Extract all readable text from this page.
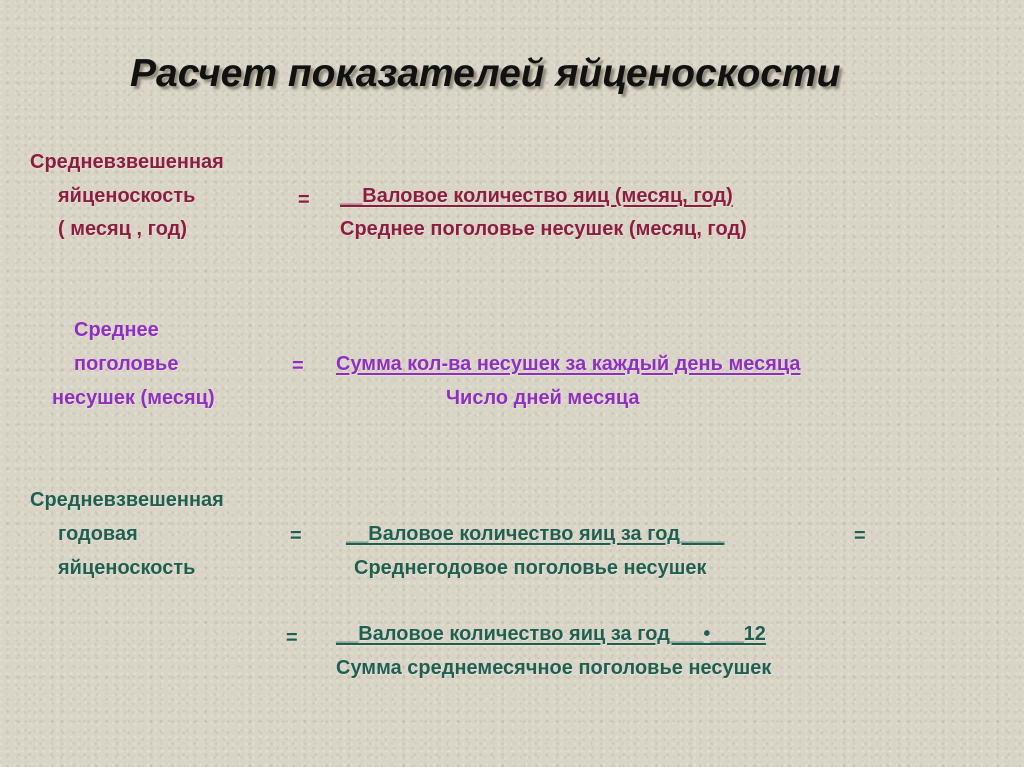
Расчет показателей яйценоскости
Средневзвешенная
яйценоскость
( месяц , год)
= __Валовое количество яиц (месяц, год)
Среднее поголовье несушек (месяц, год)
Среднее
поголовье
несушек (месяц)
= Сумма кол-ва несушек за каждый день месяца
Число дней месяца
Средневзвешенная
годовая
яйценоскость
= __Валовое количество яиц за год____
Среднегодовое поголовье несушек
=
= __Валовое количество яиц за год___•___12
Сумма среднемесячное поголовье несушек
